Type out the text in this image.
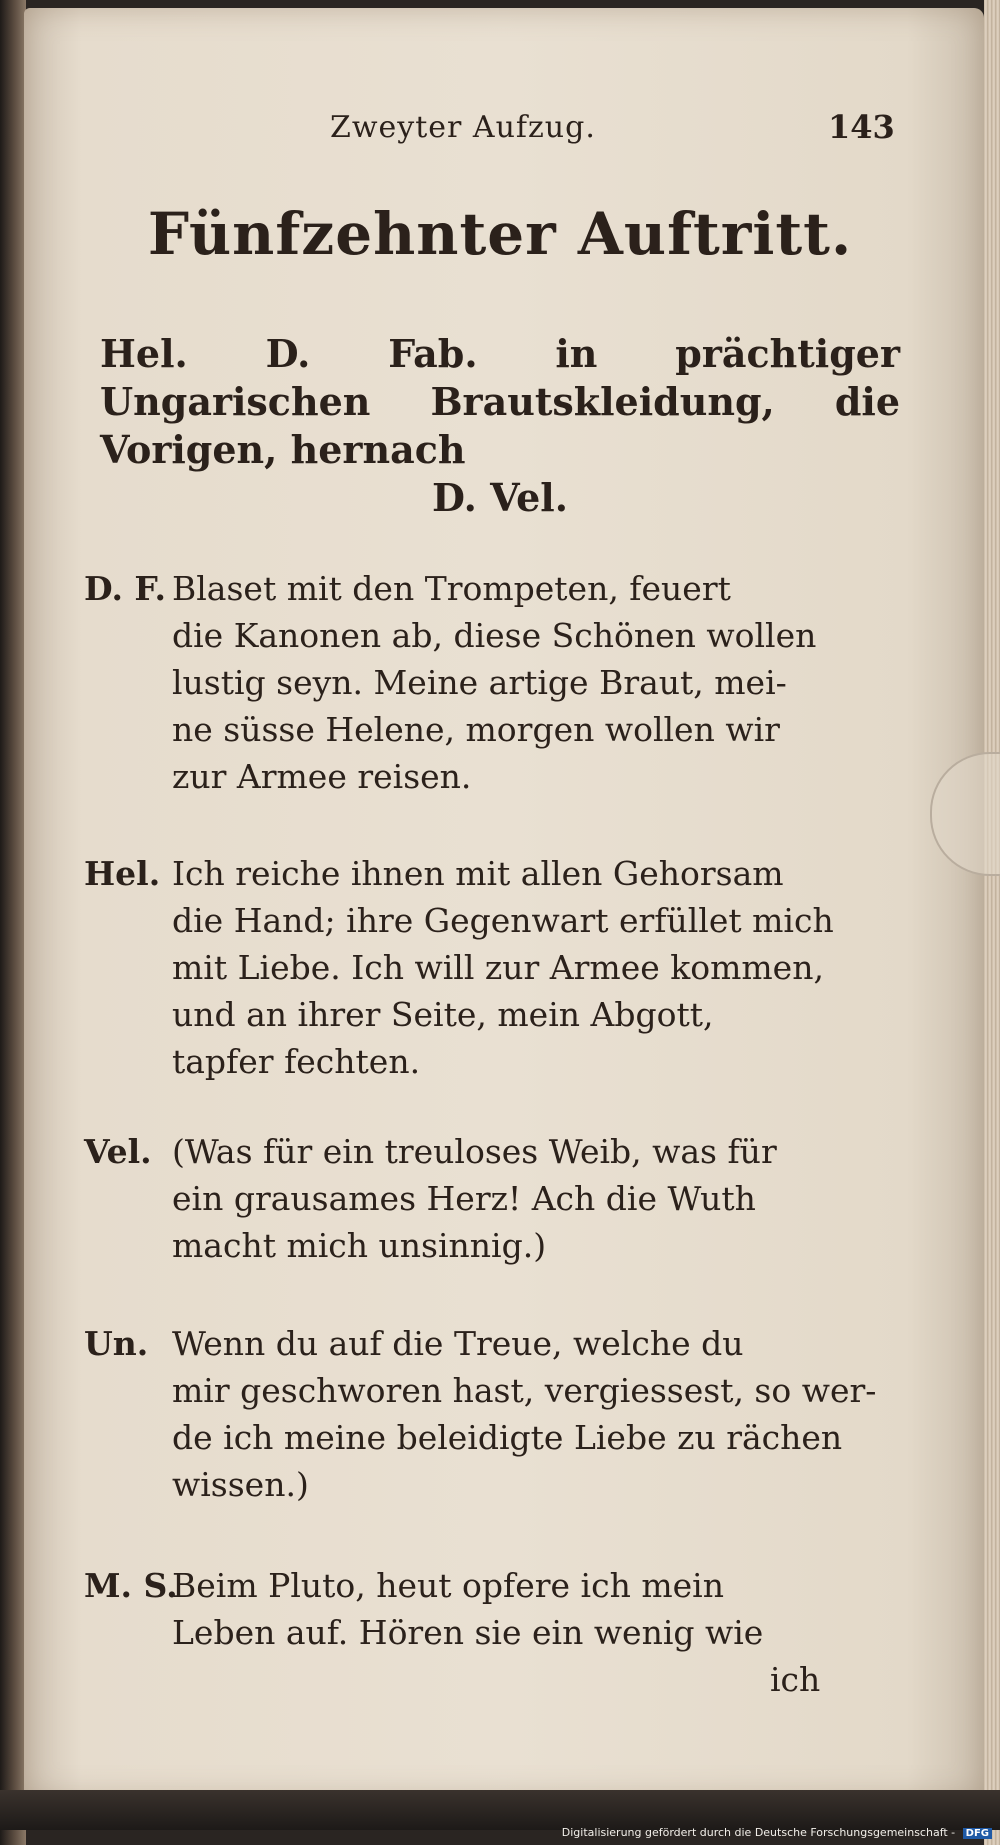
Zweyter Aufzug.	143
Fünfzehnter Auftritt.
Hel. D. Fab. in prächtiger Ungarischen Brautskleidung, die Vorigen, hernach
D. Vel.
D. F. Blaset mit den Trompeten, feuert
die Kanonen ab, diese Schönen wollen
lustig seyn. Meine artige Braut, mei-
ne süsse Helene, morgen wollen wir
zur Armee reisen.
Hel. Ich reiche ihnen mit allen Gehorsam
die Hand; ihre Gegenwart erfüllet mich
mit Liebe. Ich will zur Armee kommen,
und an ihrer Seite, mein Abgott,
tapfer fechten.
Vel. (Was für ein treuloses Weib, was für
ein grausames Herz! Ach die Wuth
macht mich unsinnig.)
Un. Wenn du auf die Treue, welche du
mir geschworen hast, vergiessest, so wer-
de ich meine beleidigte Liebe zu rächen
wissen.)
M. S.
Beim Pluto, heut opfere ich mein
Leben auf. Hören sie ein wenig wie
ich
Digitalisierung gefördert durch die Deutsche Forschungsgemeinschaft - DFG
